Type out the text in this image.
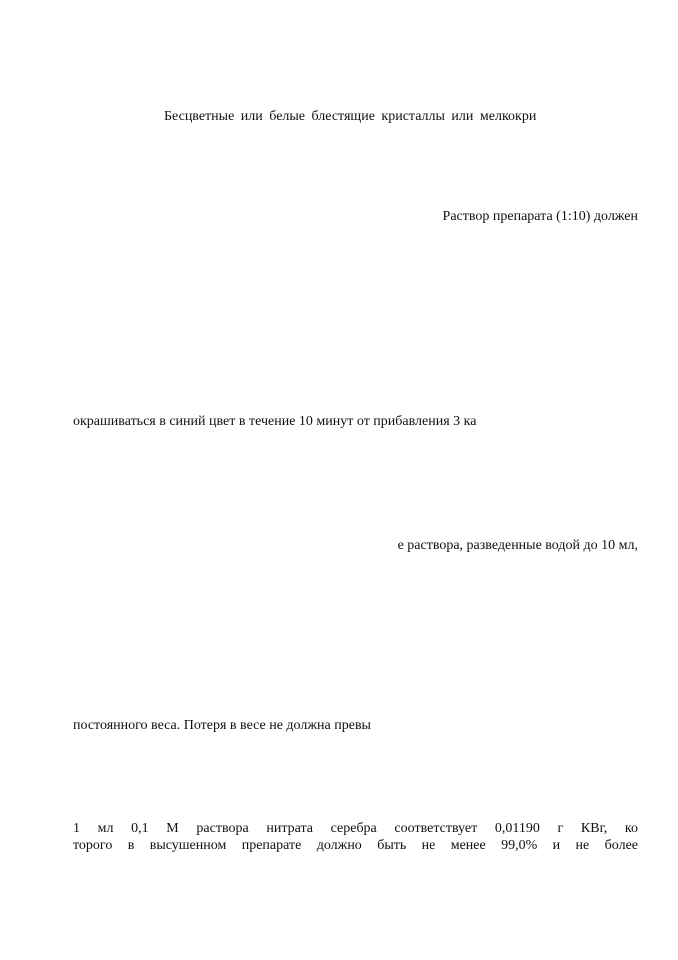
Бесцветные или белые блестящие кристаллы или мелкокри
Раствор препарата (1:10) должен
окрашиваться в синий цвет в течение 10 минут от прибавления 3 ка
е раствора, разведенные водой до 10 мл,
постоянного веса. Потеря в весе не должна превы
1 мл 0,1 М раствора нитрата серебра соответствует 0,01190 г КВг, ко
торого в высушенном препарате должно быть не менее 99,0% и не более
